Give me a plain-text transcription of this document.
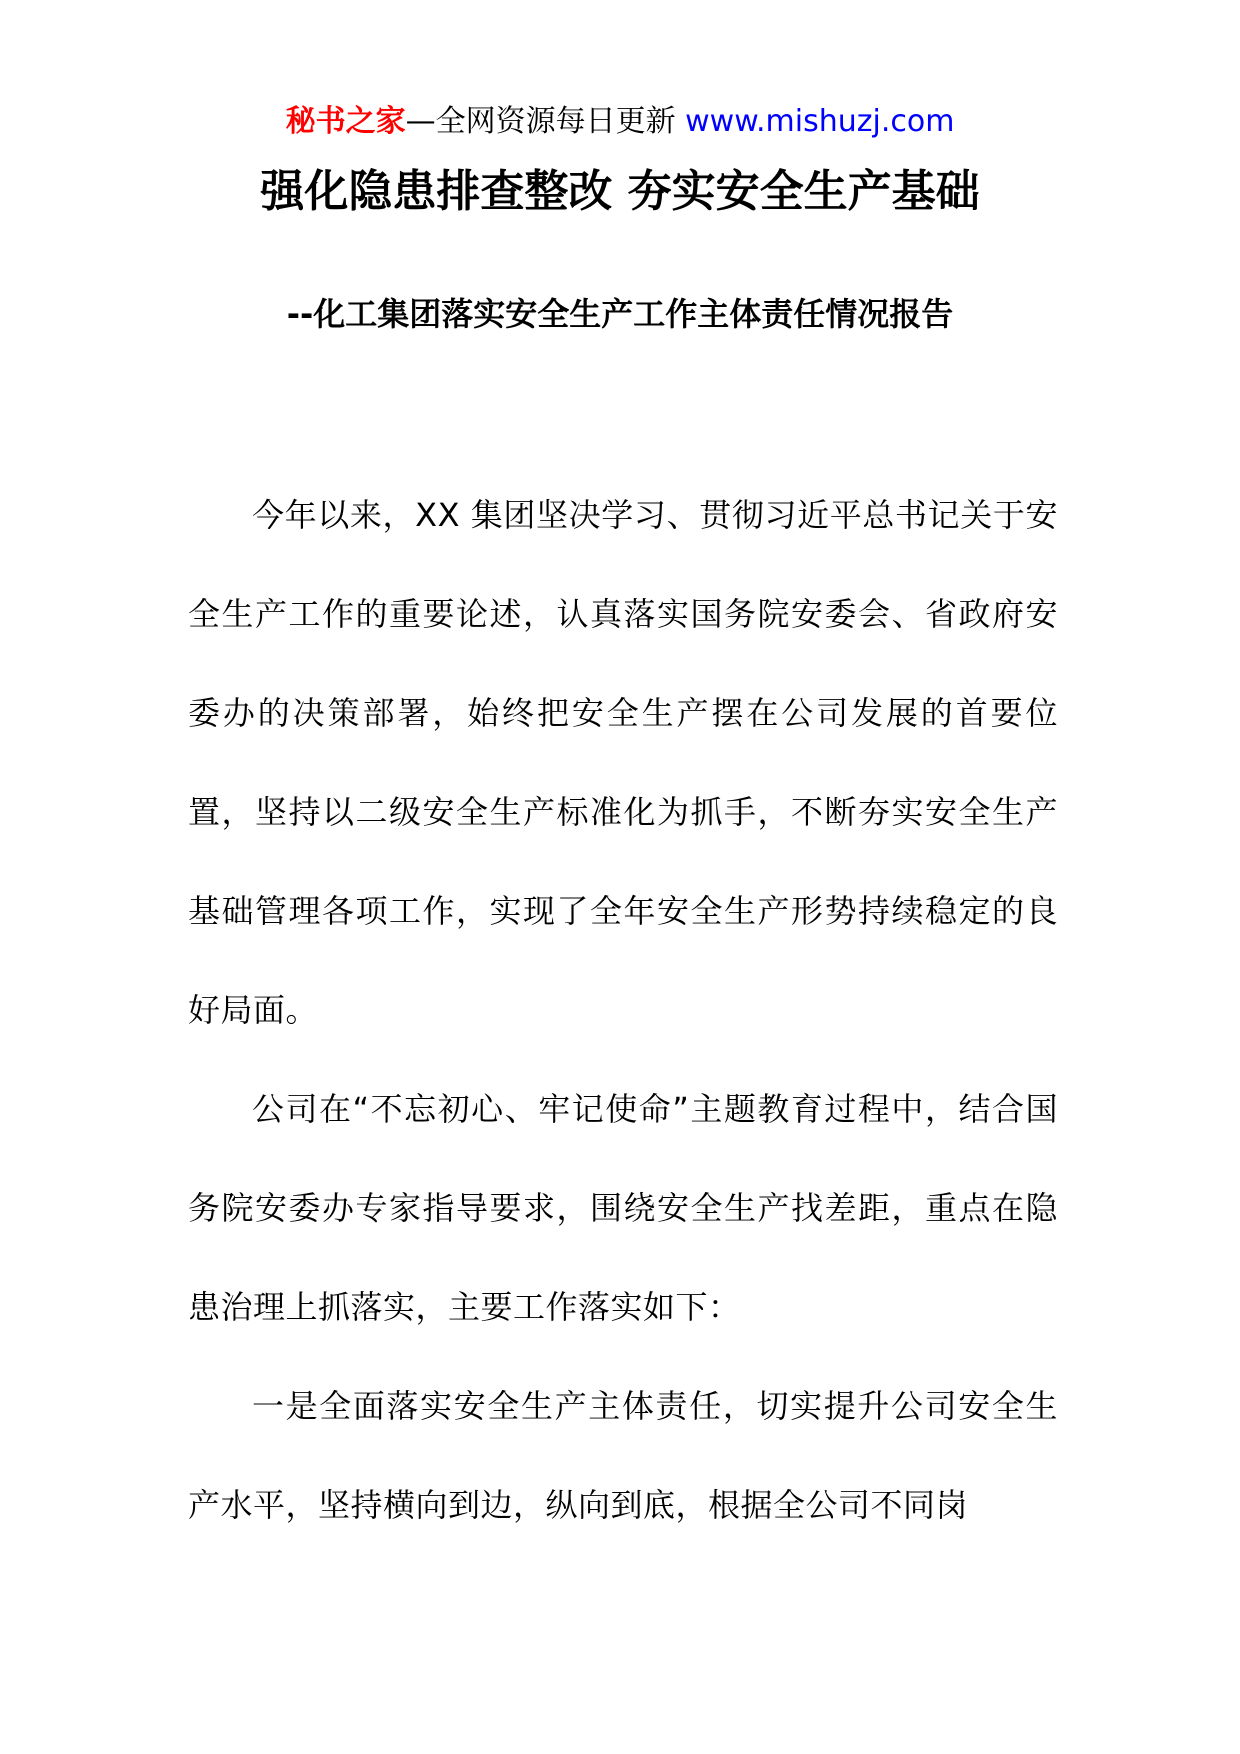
秘书之家—全网资源每日更新 www.mishuzj.com
强化隐患排查整改 夯实安全生产基础
--化工集团落实安全生产工作主体责任情况报告

今年以来，XX 集团坚决学习、贯彻习近平总书记关于安全生产工作的重要论述，认真落实国务院安委会、省政府安委办的决策部署，始终把安全生产摆在公司发展的首要位置，坚持以二级安全生产标准化为抓手，不断夯实安全生产基础管理各项工作，实现了全年安全生产形势持续稳定的良好局面。

公司在“不忘初心、牢记使命”主题教育过程中，结合国务院安委办专家指导要求，围绕安全生产找差距，重点在隐患治理上抓落实，主要工作落实如下：

一是全面落实安全生产主体责任，切实提升公司安全生产水平，坚持横向到边，纵向到底，根据全公司不同岗
